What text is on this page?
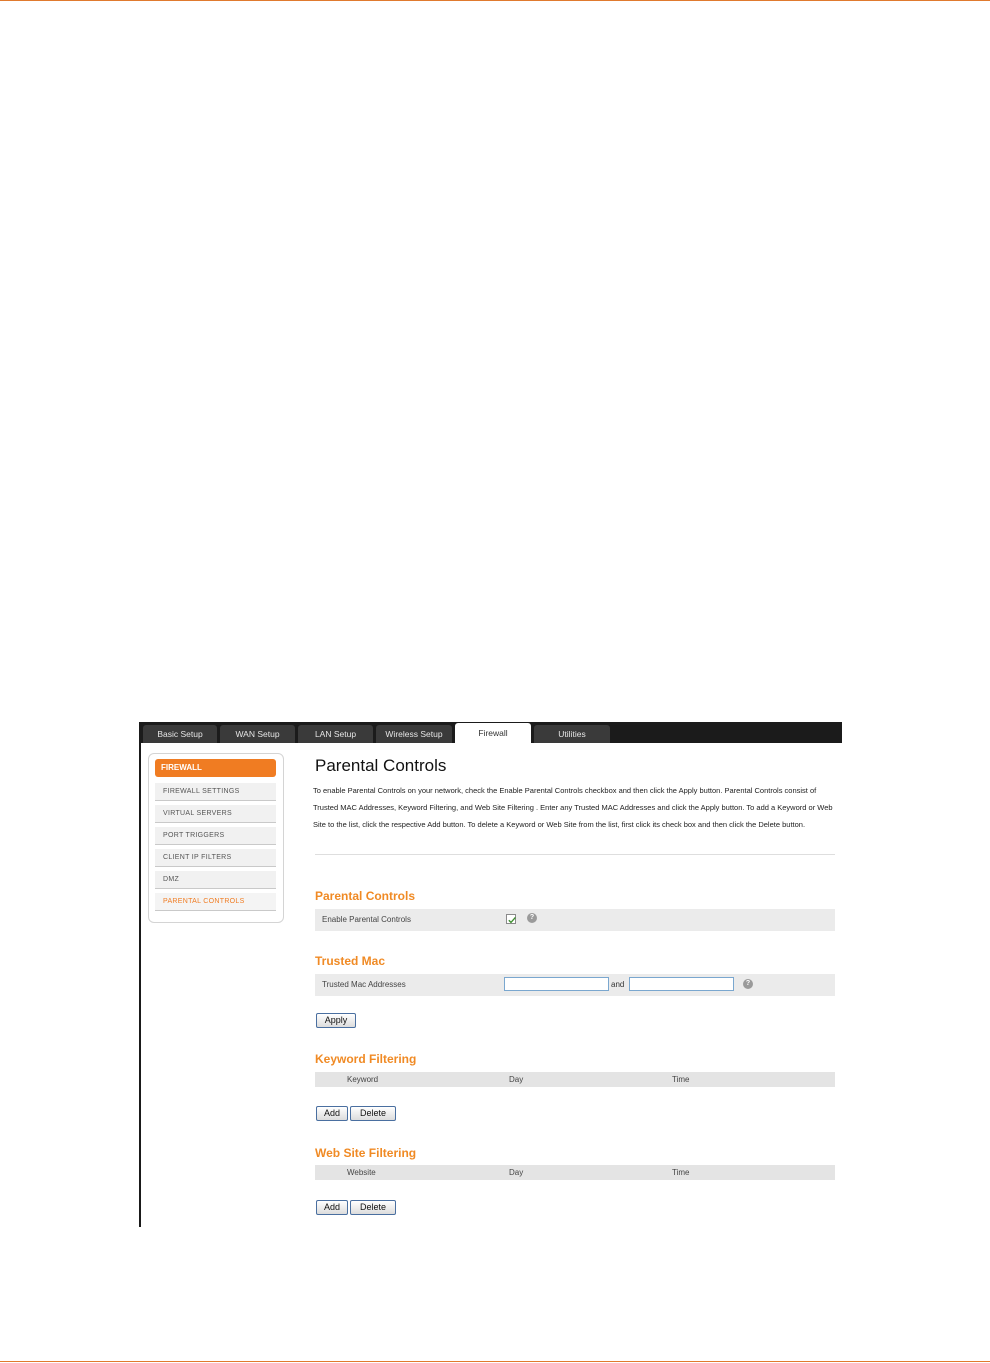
Basic Setup	WAN Setup	LAN Setup	Wireless Setup	Firewall	Utilities
FIREWALL
FIREWALL SETTINGS
VIRTUAL SERVERS
PORT TRIGGERS
CLIENT IP FILTERS
DMZ
PARENTAL CONTROLS
Parental Controls
To enable Parental Controls on your network, check the Enable Parental Controls checkbox and then click the Apply button. Parental Controls consist of Trusted MAC Addresses, Keyword Filtering, and Web Site Filtering . Enter any Trusted MAC Addresses and click the Apply button. To add a Keyword or Web Site to the list, click the respective Add button. To delete a Keyword or Web Site from the list, first click its check box and then click the Delete button.
Parental Controls
Enable Parental Controls	?
Trusted Mac
Trusted Mac Addresses	and	?
Apply
Keyword Filtering
Keyword	Day	Time
Add	Delete
Web Site Filtering
Website	Day	Time
Add	Delete
